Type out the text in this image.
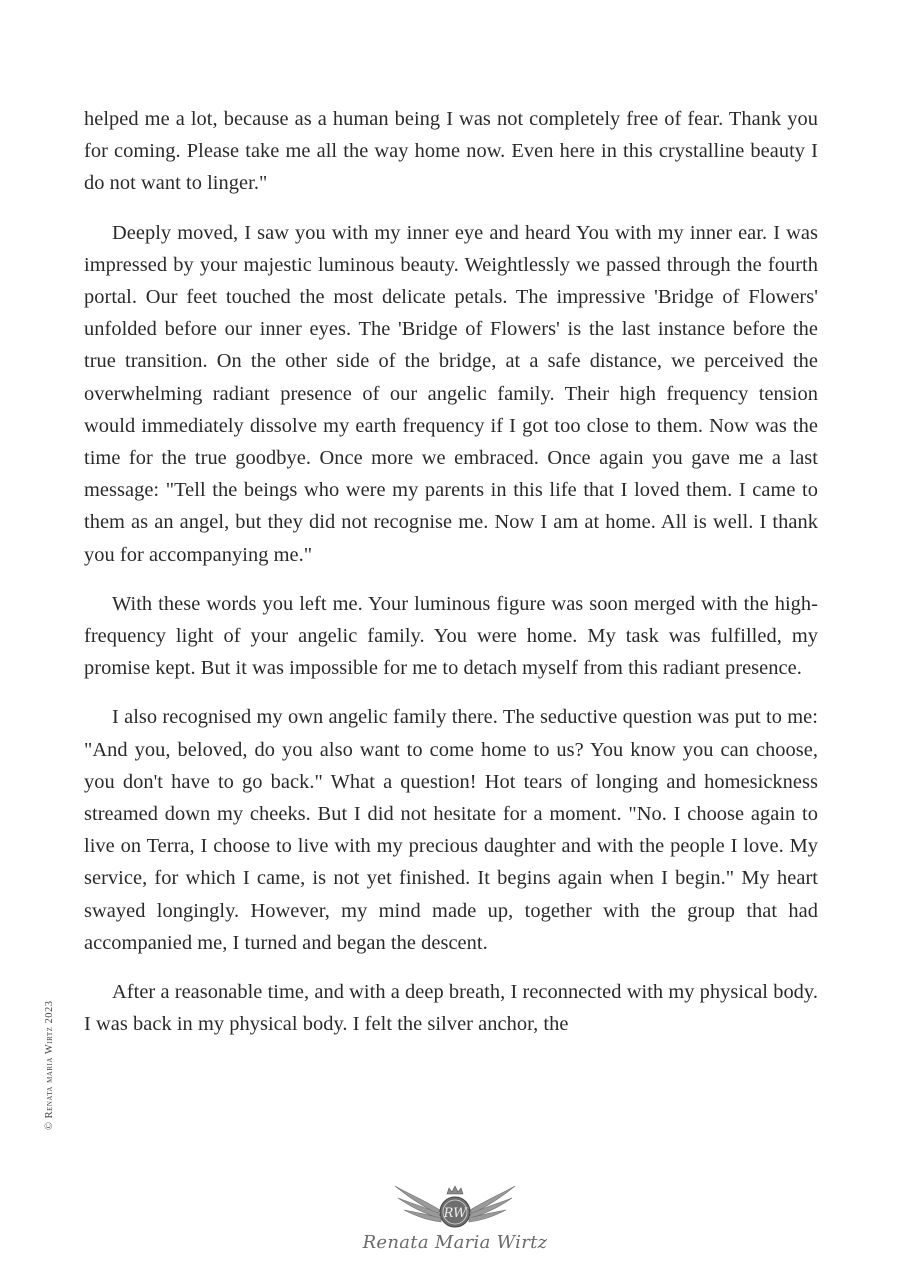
helped me a lot, because as a human being I was not completely free of fear. Thank you for coming. Please take me all the way home now. Even here in this crystalline beauty I do not want to linger."

Deeply moved, I saw you with my inner eye and heard You with my inner ear. I was impressed by your majestic luminous beauty. Weightlessly we passed through the fourth portal. Our feet touched the most delicate petals. The impressive 'Bridge of Flowers' unfolded before our inner eyes. The 'Bridge of Flowers' is the last instance before the true transition. On the other side of the bridge, at a safe distance, we perceived the overwhelming radiant presence of our angelic family. Their high frequency tension would immediately dissolve my earth frequency if I got too close to them. Now was the time for the true goodbye. Once more we embraced. Once again you gave me a last message: "Tell the beings who were my parents in this life that I loved them. I came to them as an angel, but they did not recognise me. Now I am at home. All is well. I thank you for accompanying me."

With these words you left me. Your luminous figure was soon merged with the high-frequency light of your angelic family. You were home. My task was fulfilled, my promise kept. But it was impossible for me to detach myself from this radiant presence.

I also recognised my own angelic family there. The seductive question was put to me: "And you, beloved, do you also want to come home to us? You know you can choose, you don't have to go back." What a question! Hot tears of longing and homesickness streamed down my cheeks. But I did not hesitate for a moment. "No. I choose again to live on Terra, I choose to live with my precious daughter and with the people I love. My service, for which I came, is not yet finished. It begins again when I begin." My heart swayed longingly. However, my mind made up, together with the group that had accompanied me, I turned and began the descent.

After a reasonable time, and with a deep breath, I reconnected with my physical body. I was back in my physical body. I felt the silver anchor, the

© Renata maria Wirtz 2023
RW
Renata Maria Wirtz
